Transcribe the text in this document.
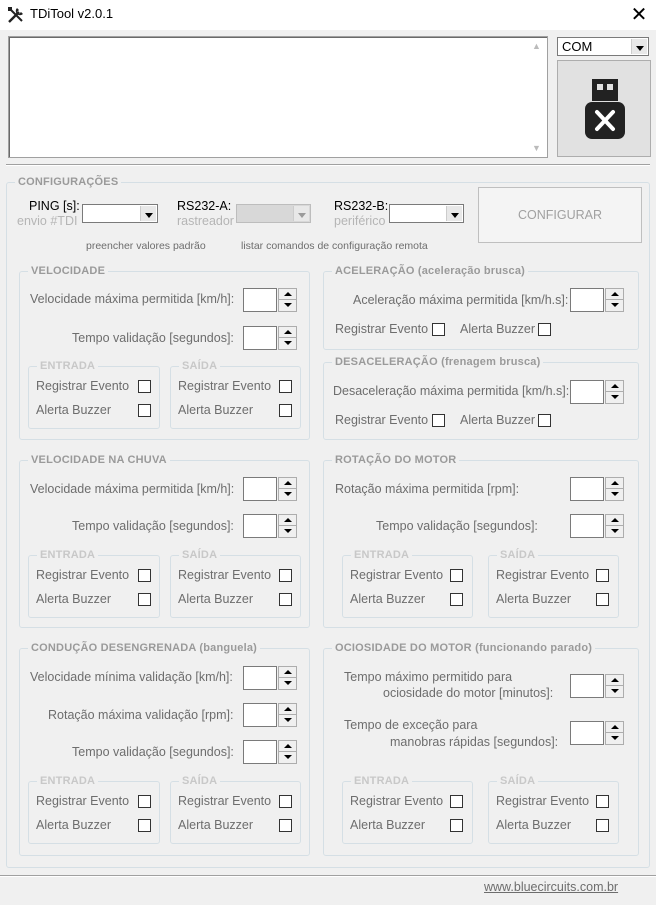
TDiTool v2.0.1	✕
▲
▼
COM
CONFIGURAÇÕES
PING [s]:
envio #TDI
RS232-A:
rastreador
RS232-B:
periférico	CONFIGURAR
preencher valores padrão	listar comandos de configuração remota
VELOCIDADE
Velocidade máxima permitida [km/h]:
Tempo validação [segundos]:
ENTRADA
Registrar Evento
Alerta Buzzer
SAÍDA
Registrar Evento
Alerta Buzzer
ACELERAÇÃO (aceleração brusca)
Aceleração máxima permitida [km/h.s]:
Registrar Evento	Alerta Buzzer
DESACELERAÇÃO (frenagem brusca)
Desaceleração máxima permitida [km/h.s]:
Registrar Evento	Alerta Buzzer
VELOCIDADE NA CHUVA
Velocidade máxima permitida [km/h]:
Tempo validação [segundos]:
ENTRADA
Registrar Evento
Alerta Buzzer
SAÍDA
Registrar Evento
Alerta Buzzer
ROTAÇÃO DO MOTOR
Rotação máxima permitida [rpm]:
Tempo validação [segundos]:
ENTRADA
Registrar Evento
Alerta Buzzer
SAÍDA
Registrar Evento
Alerta Buzzer
CONDUÇÃO DESENGRENADA (banguela)
Velocidade mínima validação [km/h]:
Rotação máxima validação [rpm]:
Tempo validação [segundos]:
ENTRADA
Registrar Evento
Alerta Buzzer
SAÍDA
Registrar Evento
Alerta Buzzer
OCIOSIDADE DO MOTOR (funcionando parado)
Tempo máximo permitido para
ociosidade do motor [minutos]:
Tempo de exceção para
manobras rápidas [segundos]:
ENTRADA
Registrar Evento
Alerta Buzzer
SAÍDA
Registrar Evento
Alerta Buzzer
www.bluecircuits.com.br
